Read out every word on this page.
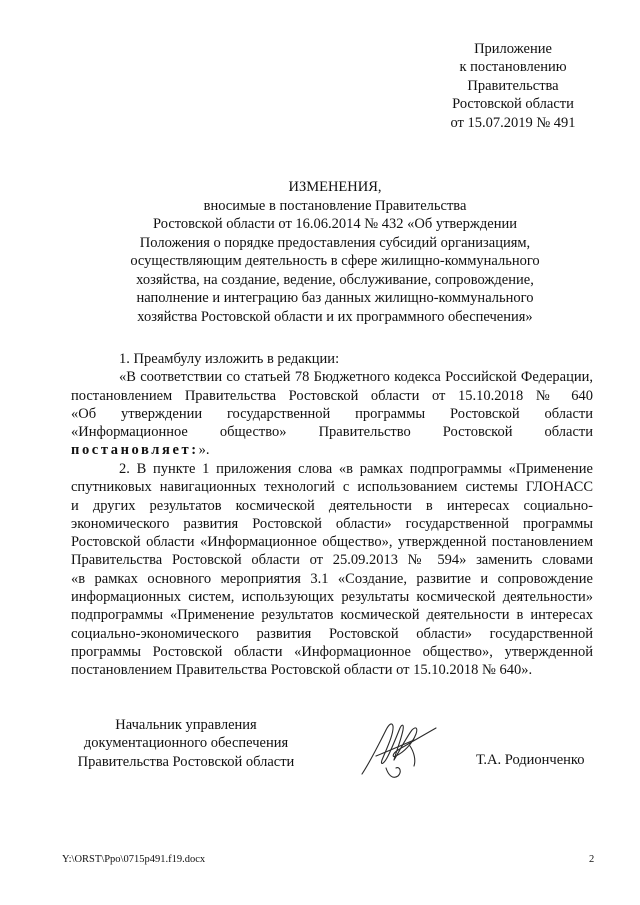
Приложение
к постановлению
Правительства
Ростовской области
от 15.07.2019 № 491
ИЗМЕНЕНИЯ,
вносимые в постановление Правительства
Ростовской области от 16.06.2014 № 432 «Об утверждении
Положения о порядке предоставления субсидий организациям,
осуществляющим деятельность в сфере жилищно-коммунального
хозяйства, на создание, ведение, обслуживание, сопровождение,
наполнение и интеграцию баз данных жилищно-коммунального
хозяйства Ростовской области и их программного обеспечения»
1. Преамбулу изложить в редакции:
«В соответствии со статьей 78 Бюджетного кодекса Российской Федерации,
постановлением Правительства Ростовской области от 15.10.2018 № 640
«Об утверждении государственной программы Ростовской области
«Информационное общество» Правительство Ростовской области
постановляет:».
2. В пункте 1 приложения слова «в рамках подпрограммы «Применение
спутниковых навигационных технологий с использованием системы ГЛОНАСС
и других результатов космической деятельности в интересах социально-
экономического развития Ростовской области» государственной программы
Ростовской области «Информационное общество», утвержденной постановлением
Правительства Ростовской области от 25.09.2013 № 594» заменить словами
«в рамках основного мероприятия 3.1 «Создание, развитие и сопровождение
информационных систем, использующих результаты космической деятельности»
подпрограммы «Применение результатов космической деятельности в интересах
социально-экономического развития Ростовской области» государственной
программы Ростовской области «Информационное общество», утвержденной
постановлением Правительства Ростовской области от 15.10.2018 № 640».
Начальник управления
документационного обеспечения
Правительства Ростовской области	Т.А. Родионченко
Y:\ORST\Ppo\0715p491.f19.docx	2
